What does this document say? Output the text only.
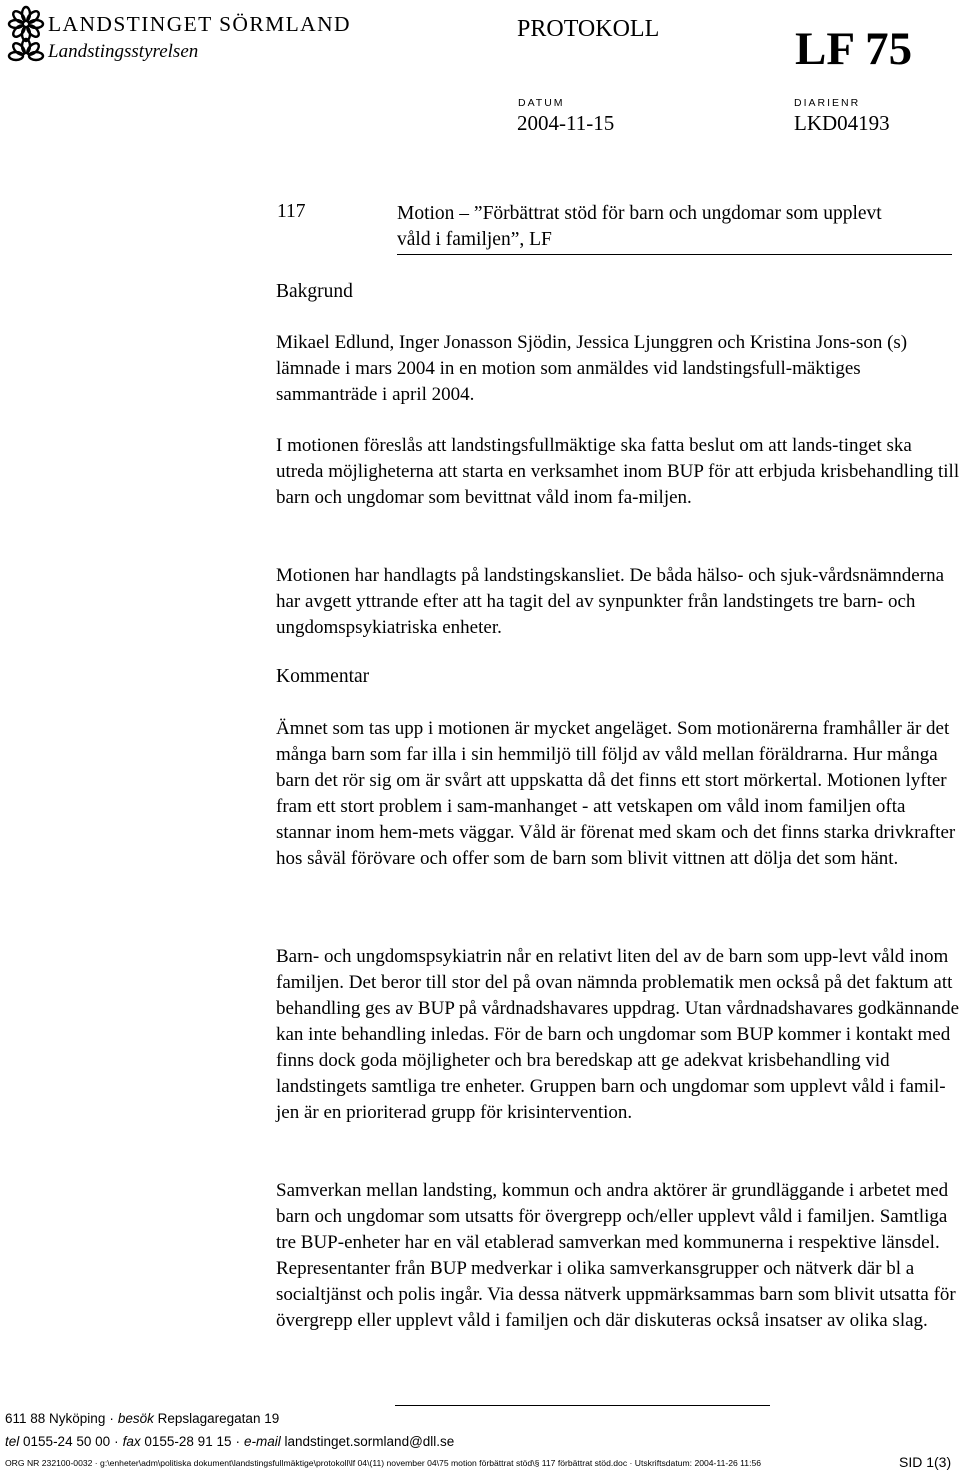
LANDSTINGET SÖRMLAND
Landstingsstyrelsen
PROTOKOLL	LF 75
DATUM	DIARIENR
2004-11-15	LKD04193
117	Motion – ”Förbättrat stöd för barn och ungdomar som upplevt
våld i familjen”, LF
Bakgrund
Mikael Edlund, Inger Jonasson Sjödin, Jessica Ljunggren och Kristina Jons-son (s) lämnade i mars 2004 in en motion som anmäldes vid landstingsfull-mäktiges sammanträde i april 2004.
I motionen föreslås att landstingsfullmäktige ska fatta beslut om att lands-tinget ska utreda möjligheterna att starta en verksamhet inom BUP för att erbjuda krisbehandling till barn och ungdomar som bevittnat våld inom fa-miljen.
Motionen har handlagts på landstingskansliet. De båda hälso- och sjuk-vårdsnämnderna har avgett yttrande efter att ha tagit del av synpunkter från landstingets tre barn- och ungdomspsykiatriska enheter.
Kommentar
Ämnet som tas upp i motionen är mycket angeläget. Som motionärerna framhåller är det många barn som far illa i sin hemmiljö till följd av våld mellan föräldrarna. Hur många barn det rör sig om är svårt att uppskatta då det finns ett stort mörkertal. Motionen lyfter fram ett stort problem i sam-manhanget - att vetskapen om våld inom familjen ofta stannar inom hem-mets väggar. Våld är förenat med skam och det finns starka drivkrafter hos såväl förövare och offer som de barn som blivit vittnen att dölja det som hänt.
Barn- och ungdomspsykiatrin når en relativt liten del av de barn som upp-levt våld inom familjen. Det beror till stor del på ovan nämnda problematik men också på det faktum att behandling ges av BUP på vårdnadshavares uppdrag. Utan vårdnadshavares godkännande kan inte behandling inledas. För de barn och ungdomar som BUP kommer i kontakt med finns dock goda möjligheter och bra beredskap att ge adekvat krisbehandling vid landstingets samtliga tre enheter. Gruppen barn och ungdomar som upplevt våld i famil-jen är en prioriterad grupp för krisintervention.
Samverkan mellan landsting, kommun och andra aktörer är grundläggande i arbetet med barn och ungdomar som utsatts för övergrepp och/eller upplevt våld i familjen. Samtliga tre BUP-enheter har en väl etablerad samverkan med kommunerna i respektive länsdel. Representanter från BUP medverkar i olika samverkansgrupper och nätverk där bl a socialtjänst och polis ingår. Via dessa nätverk uppmärksammas barn som blivit utsatta för övergrepp eller upplevt våld i familjen och där diskuteras också insatser av olika slag.
611 88 Nyköping · besök Repslagaregatan 19
tel 0155-24 50 00 · fax 0155-28 91 15 · e-mail landstinget.sormland@dll.se
ORG NR 232100-0032 · g:\enheter\adm\politiska dokument\landstingsfullmäktige\protokoll\lf 04\(11) november 04\75 motion förbättrat stöd\§ 117 förbättrat stöd.doc · Utskriftsdatum: 2004-11-26 11:56	SID 1(3)
